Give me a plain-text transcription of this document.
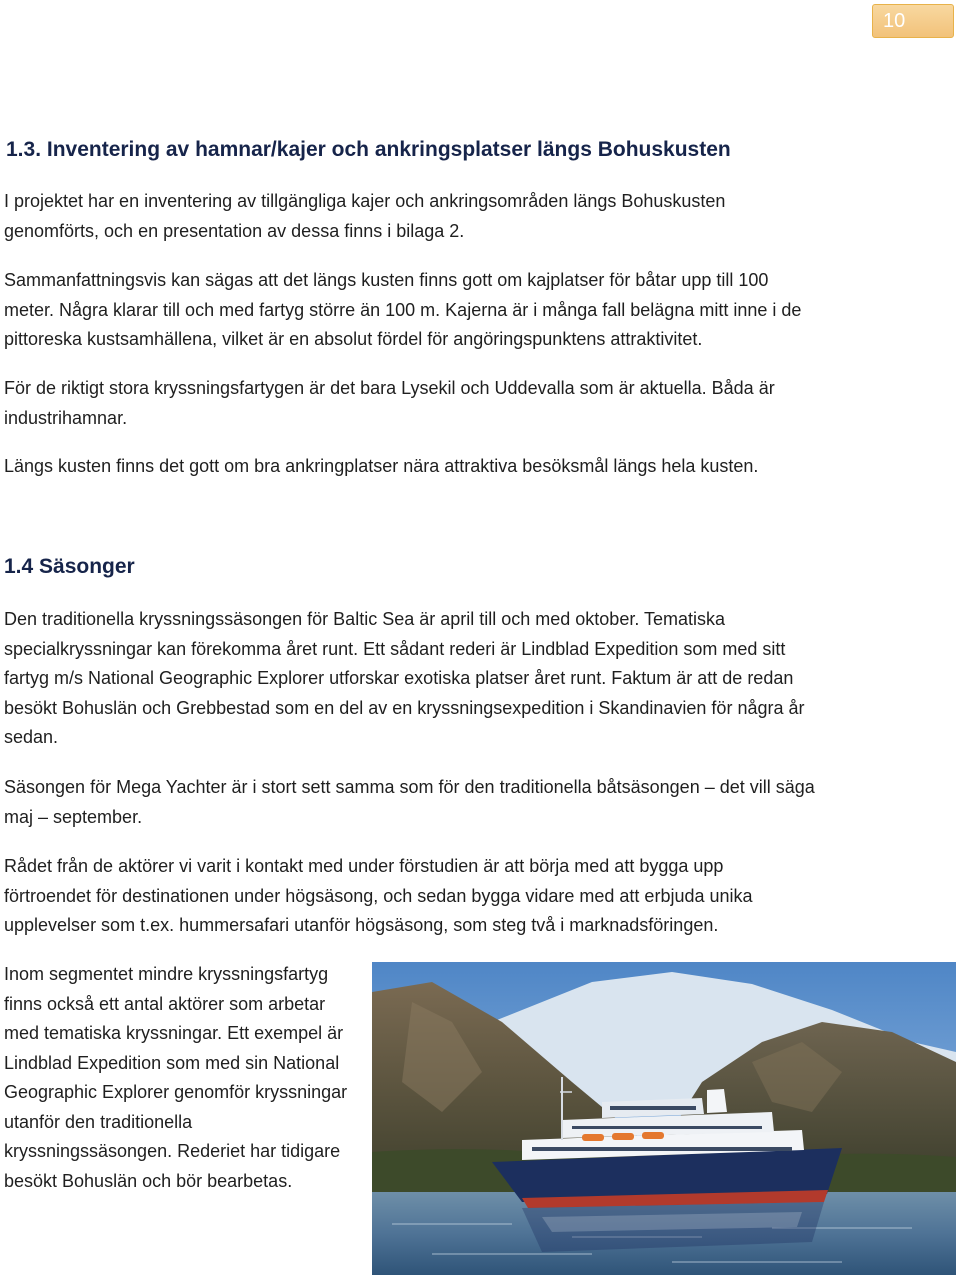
10
1.3. Inventering av hamnar/kajer och ankringsplatser längs Bohuskusten

I projektet har en inventering av tillgängliga kajer och ankringsområden längs Bohuskusten
genomförts, och en presentation av dessa finns i bilaga 2.

Sammanfattningsvis kan sägas att det längs kusten finns gott om kajplatser för båtar upp till 100
meter. Några klarar till och med fartyg större än 100 m. Kajerna är i många fall belägna mitt inne i de
pittoreska kustsamhällena, vilket är en absolut fördel för angöringspunktens attraktivitet.

För de riktigt stora kryssningsfartygen är det bara Lysekil och Uddevalla som är aktuella. Båda är
industrihamnar.

Längs kusten finns det gott om bra ankringplatser nära attraktiva besöksmål längs hela kusten.

1.4 Säsonger

Den traditionella kryssningssäsongen för Baltic Sea är april till och med oktober. Tematiska
specialkryssningar kan förekomma året runt. Ett sådant rederi är Lindblad Expedition som med sitt
fartyg m/s National Geographic Explorer utforskar exotiska platser året runt. Faktum är att de redan
besökt Bohuslän och Grebbestad som en del av en kryssningsexpedition i Skandinavien för några år
sedan.

Säsongen för Mega Yachter är i stort sett samma som för den traditionella båtsäsongen – det vill säga
maj – september.

Rådet från de aktörer vi varit i kontakt med under förstudien är att börja med att bygga upp
förtroendet för destinationen under högsäsong, och sedan bygga vidare med att erbjuda unika
upplevelser som t.ex. hummersafari utanför högsäsong, som steg två i marknadsföringen.

Inom segmentet mindre kryssningsfartyg
finns också ett antal aktörer som arbetar
med tematiska kryssningar. Ett exempel är
Lindblad Expedition som med sin National
Geographic Explorer genomför kryssningar
utanför den traditionella
kryssningssäsongen. Rederiet har tidigare
besökt Bohuslän och bör bearbetas.
